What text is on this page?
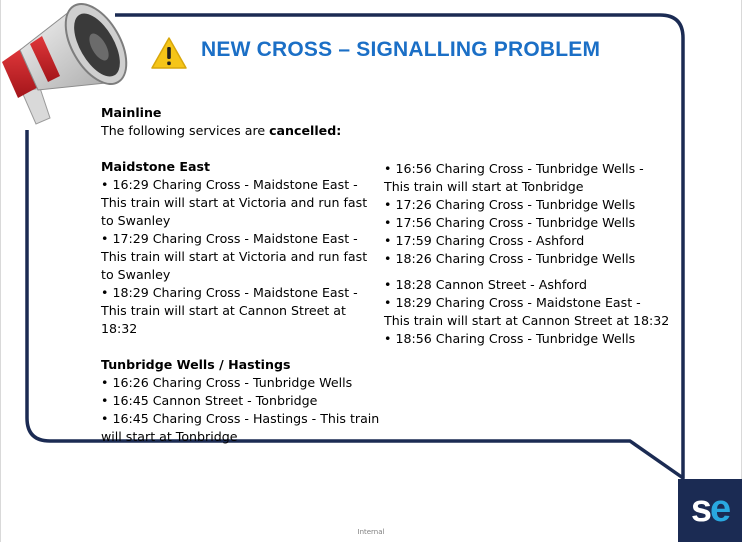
NEW CROSS – SIGNALLING PROBLEM
Mainline
The following services are cancelled:
Maidstone East
• 16:29 Charing Cross - Maidstone East - This train will start at Victoria and run fast to Swanley
• 17:29 Charing Cross - Maidstone East - This train will start at Victoria and run fast to Swanley
• 18:29 Charing Cross - Maidstone East - This train will start at Cannon Street at 18:32
Tunbridge Wells / Hastings
• 16:26 Charing Cross - Tunbridge Wells
• 16:45 Cannon Street - Tonbridge
• 16:45 Charing Cross - Hastings - This train will start at Tonbridge
• 16:56 Charing Cross - Tunbridge Wells - This train will start at Tonbridge
• 17:26 Charing Cross - Tunbridge Wells
• 17:56 Charing Cross - Tunbridge Wells
• 17:59 Charing Cross - Ashford
• 18:26 Charing Cross - Tunbridge Wells
• 18:28 Cannon Street - Ashford
• 18:29 Charing Cross - Maidstone East - This train will start at Cannon Street at 18:32
• 18:56 Charing Cross - Tunbridge Wells
se
Internal
